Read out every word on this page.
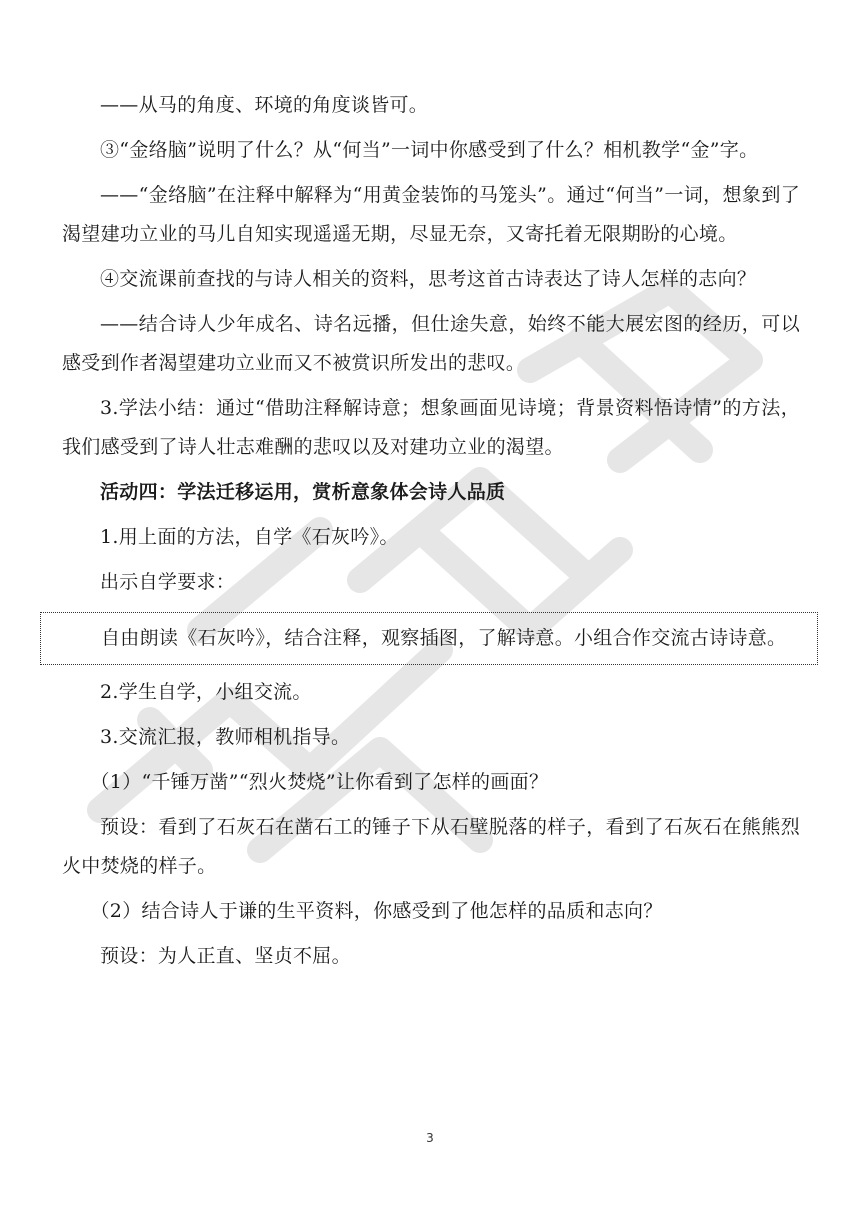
——从马的角度、环境的角度谈皆可。

③“金络脑”说明了什么？从“何当”一词中你感受到了什么？相机教学“金”字。

——“金络脑”在注释中解释为“用黄金装饰的马笼头”。通过“何当”一词，想象到了渴望建功立业的马儿自知实现遥遥无期，尽显无奈，又寄托着无限期盼的心境。

④交流课前查找的与诗人相关的资料，思考这首古诗表达了诗人怎样的志向？

——结合诗人少年成名、诗名远播，但仕途失意，始终不能大展宏图的经历，可以感受到作者渴望建功立业而又不被赏识所发出的悲叹。

3.学法小结：通过“借助注释解诗意；想象画面见诗境；背景资料悟诗情”的方法，我们感受到了诗人壮志难酬的悲叹以及对建功立业的渴望。

活动四：学法迁移运用，赏析意象体会诗人品质

1.用上面的方法，自学《石灰吟》。

出示自学要求：

自由朗读《石灰吟》，结合注释，观察插图，了解诗意。小组合作交流古诗诗意。

2.学生自学，小组交流。

3.交流汇报，教师相机指导。

（1）“千锤万凿”“烈火焚烧”让你看到了怎样的画面？

预设：看到了石灰石在凿石工的锤子下从石壁脱落的样子，看到了石灰石在熊熊烈火中焚烧的样子。

（2）结合诗人于谦的生平资料，你感受到了他怎样的品质和志向？

预设：为人正直、坚贞不屈。

3
